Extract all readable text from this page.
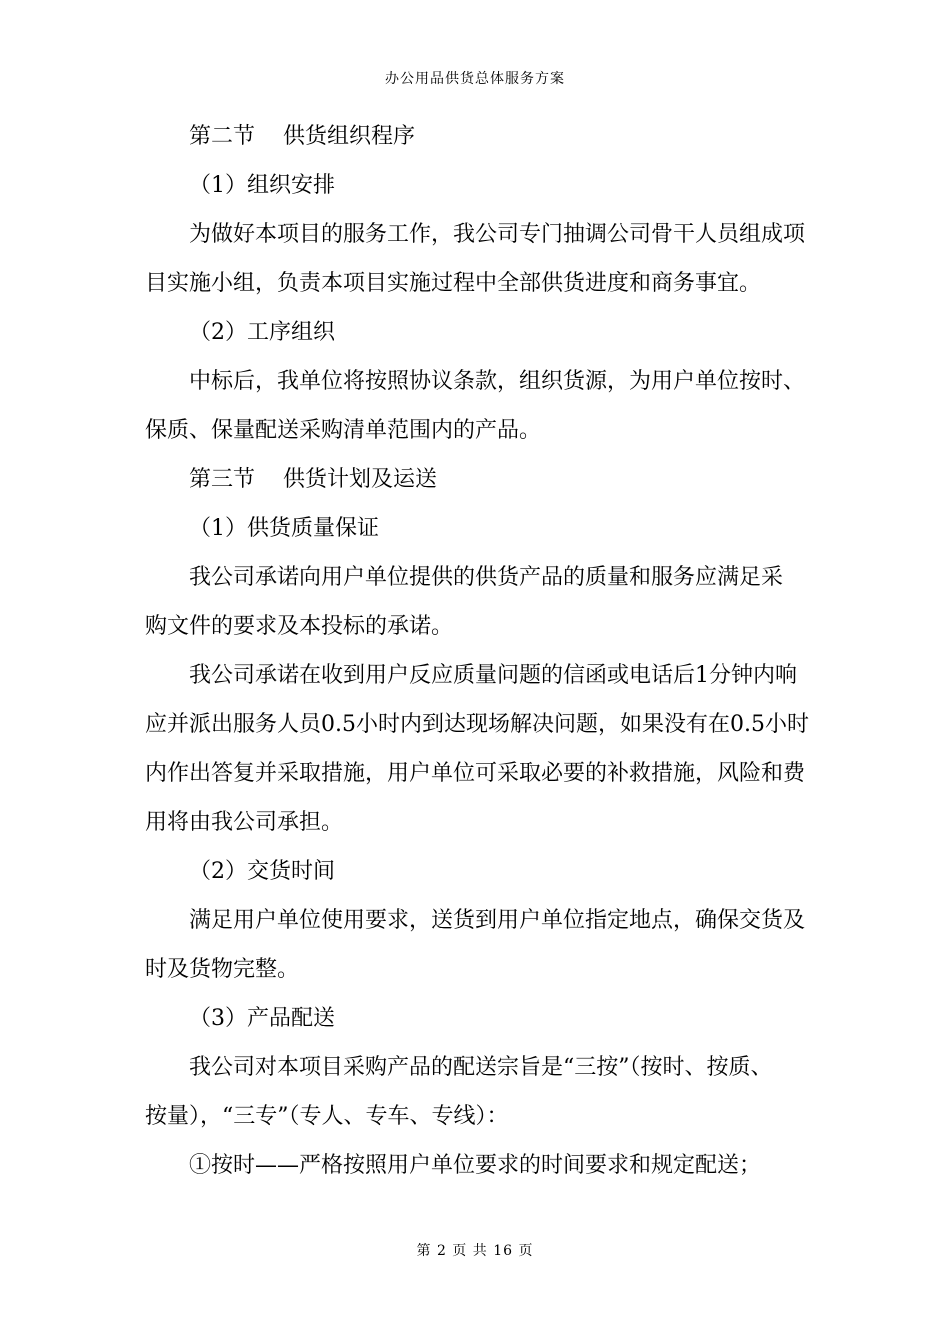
办公用品供货总体服务方案
第二节 供货组织程序
（1）组织安排
为做好本项目的服务工作，我公司专门抽调公司骨干人员组成项
目实施小组，负责本项目实施过程中全部供货进度和商务事宜。
（2）工序组织
中标后，我单位将按照协议条款，组织货源，为用户单位按时、
保质、保量配送采购清单范围内的产品。
第三节 供货计划及运送
（1）供货质量保证
我公司承诺向用户单位提供的供货产品的质量和服务应满足采
购文件的要求及本投标的承诺。
我公司承诺在收到用户反应质量问题的信函或电话后1分钟内响
应并派出服务人员0.5小时内到达现场解决问题，如果没有在0.5小时
内作出答复并采取措施，用户单位可采取必要的补救措施，风险和费
用将由我公司承担。
（2）交货时间
满足用户单位使用要求，送货到用户单位指定地点，确保交货及
时及货物完整。
（3）产品配送
我公司对本项目采购产品的配送宗旨是“三按”（按时、按质、
按量），“三专”（专人、专车、专线）：
①按时——严格按照用户单位要求的时间要求和规定配送；
第 2 页 共 16 页
